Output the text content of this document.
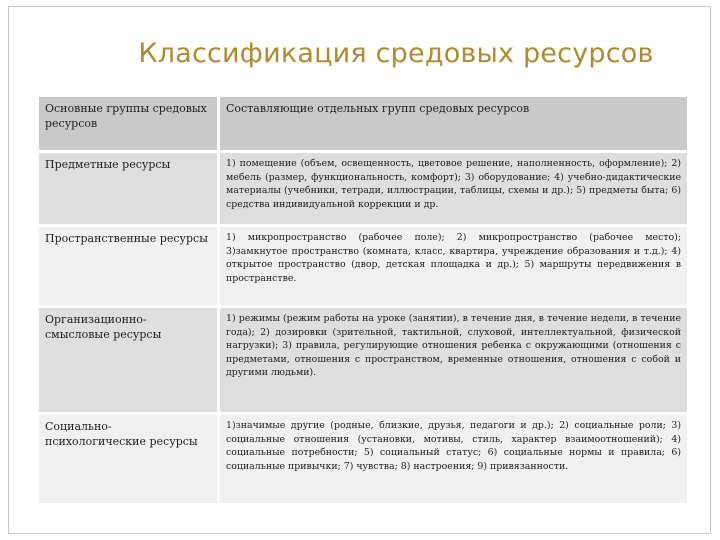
Классификация средовых ресурсов
Основные группы средовых ресурсов	Составляющие отдельных групп средовых ресурсов
Предметные ресурсы	1) помещение (объем, освещенность, цветовое решение, наполненность, оформление); 2) мебель (размер, функциональность, комфорт); 3) оборудование; 4) учебно-дидактические материалы (учебники, тетради, иллюстрации, таблицы, схемы и др.); 5) предметы быта; 6) средства индивидуальной коррекции и др.
Пространственные ресурсы	1) микропространство (рабочее поле); 2) микропространство (рабочее место); 3)замкнутое пространство (комната, класс, квартира, учреждение образования и т.д.); 4) открытое пространство (двор, детская площадка и др.); 5) маршруты передвижения в пространстве.
Организационно-смысловые ресурсы	1) режимы (режим работы на уроке (занятии), в течение дня, в течение недели, в течение года); 2) дозировки (зрительной, тактильной, слуховой, интеллектуальной, физической нагрузки); 3) правила, регулирующие отношения ребенка с окружающими (отношения с предметами, отношения с пространством, временные отношения, отношения с собой и другими людьми).
Социально-психологические ресурсы	1)значимые другие (родные, близкие, друзья, педагоги и др.); 2) социальные роли; 3) социальные отношения (установки, мотивы, стиль, характер взаимоотношений); 4) социальные потребности; 5) социальный статус; 6) социальные нормы и правила; 6) социальные привычки; 7) чувства; 8) настроения; 9) привязанности.
